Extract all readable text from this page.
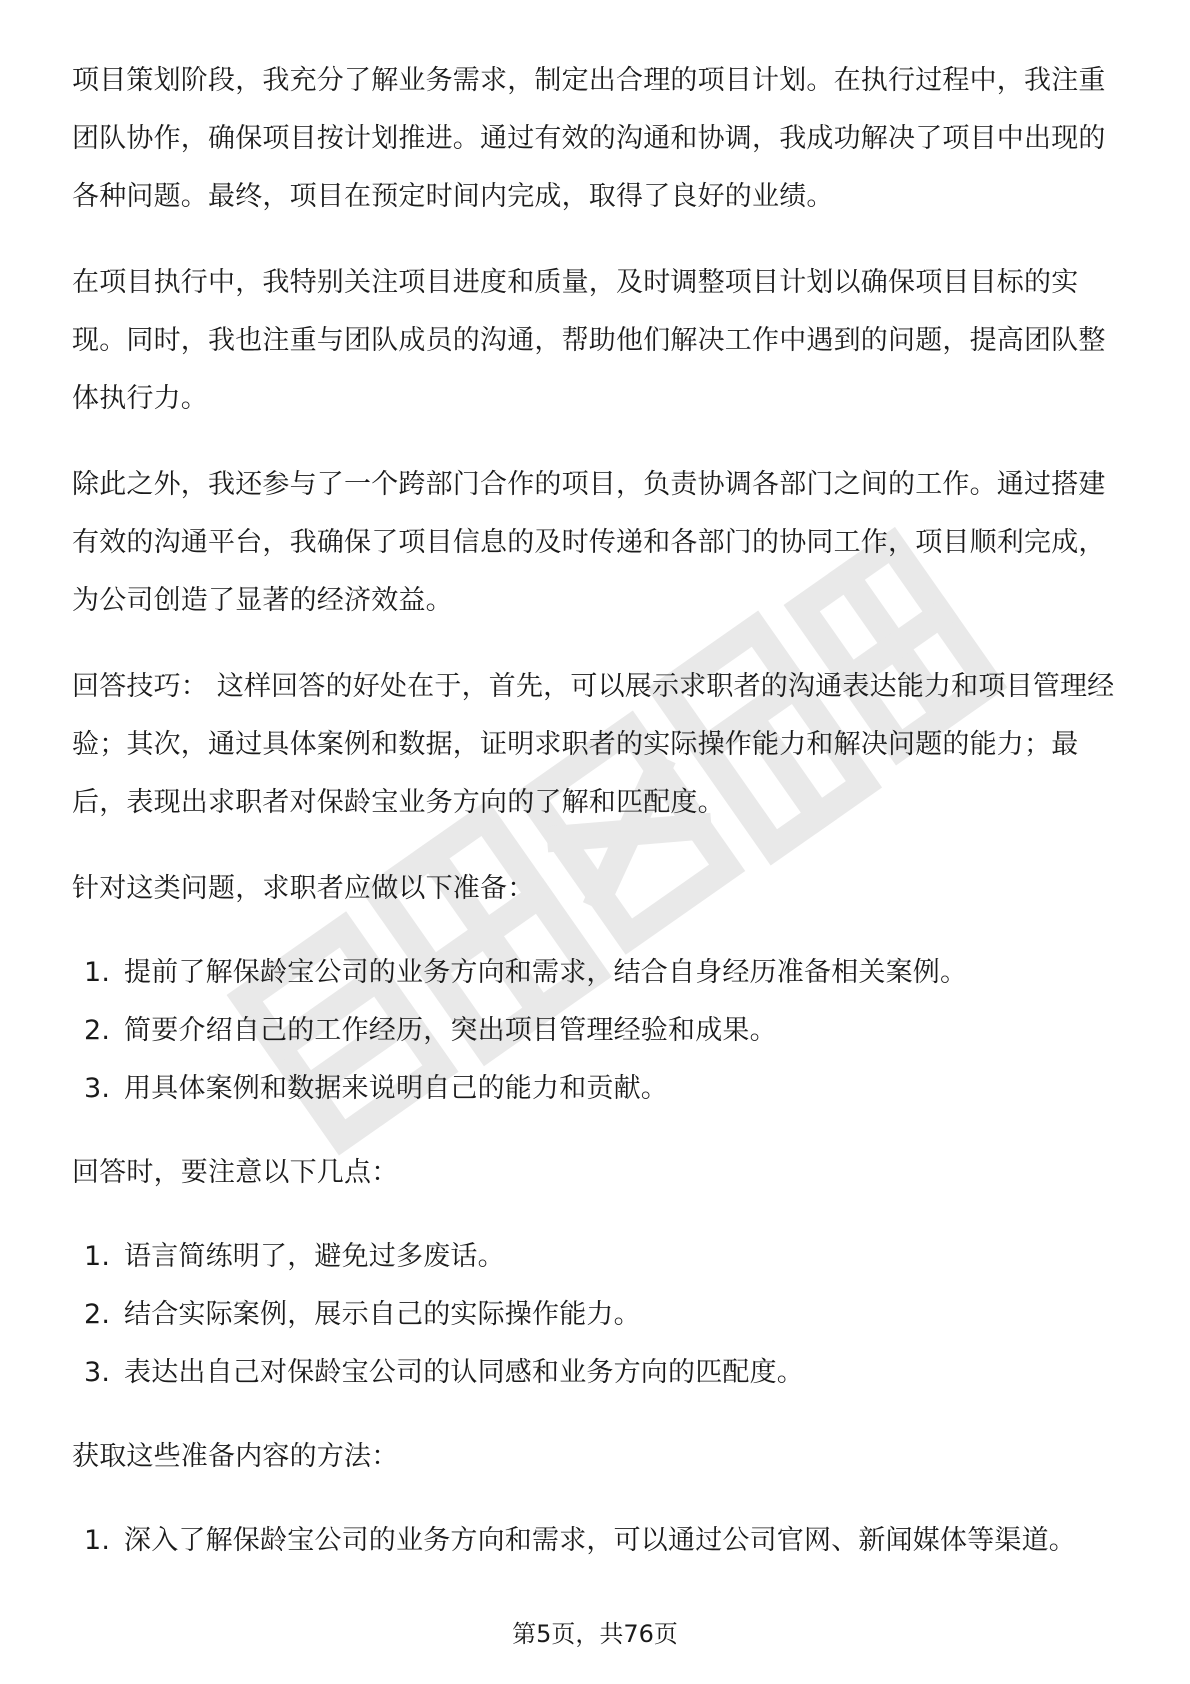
项目策划阶段，我充分了解业务需求，制定出合理的项目计划。在执行过程中，我注重团队协作，确保项目按计划推进。通过有效的沟通和协调，我成功解决了项目中出现的各种问题。最终，项目在预定时间内完成，取得了良好的业绩。

在项目执行中，我特别关注项目进度和质量，及时调整项目计划以确保项目目标的实现。同时，我也注重与团队成员的沟通，帮助他们解决工作中遇到的问题，提高团队整体执行力。

除此之外，我还参与了一个跨部门合作的项目，负责协调各部门之间的工作。通过搭建有效的沟通平台，我确保了项目信息的及时传递和各部门的协同工作，项目顺利完成，为公司创造了显著的经济效益。

回答技巧： 这样回答的好处在于，首先，可以展示求职者的沟通表达能力和项目管理经验；其次，通过具体案例和数据，证明求职者的实际操作能力和解决问题的能力；最后，表现出求职者对保龄宝业务方向的了解和匹配度。

针对这类问题，求职者应做以下准备：

1. 提前了解保龄宝公司的业务方向和需求，结合自身经历准备相关案例。
2. 简要介绍自己的工作经历，突出项目管理经验和成果。
3. 用具体案例和数据来说明自己的能力和贡献。

回答时，要注意以下几点：

1. 语言简练明了，避免过多废话。
2. 结合实际案例，展示自己的实际操作能力。
3. 表达出自己对保龄宝公司的认同感和业务方向的匹配度。

获取这些准备内容的方法：

1. 深入了解保龄宝公司的业务方向和需求，可以通过公司官网、新闻媒体等渠道。
第5页，共76页
